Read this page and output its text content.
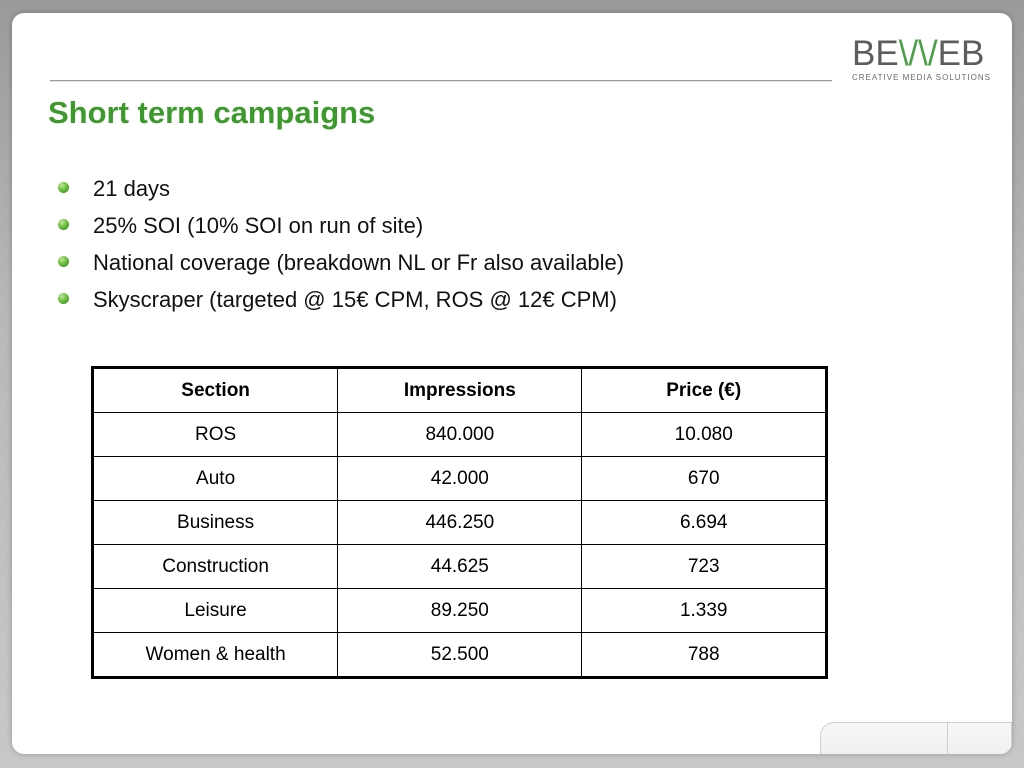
BE \/\/ EB
CREATIVE MEDIA SOLUTIONS
Short term campaigns
21 days
25% SOI (10% SOI on run of site)
National coverage (breakdown NL or Fr also available)
Skyscraper (targeted @ 15€ CPM, ROS @ 12€ CPM)
Section	Impressions	Price (€)
ROS	840.000	10.080
Auto	42.000	670
Business	446.250	6.694
Construction	44.625	723
Leisure	89.250	1.339
Women & health	52.500	788
